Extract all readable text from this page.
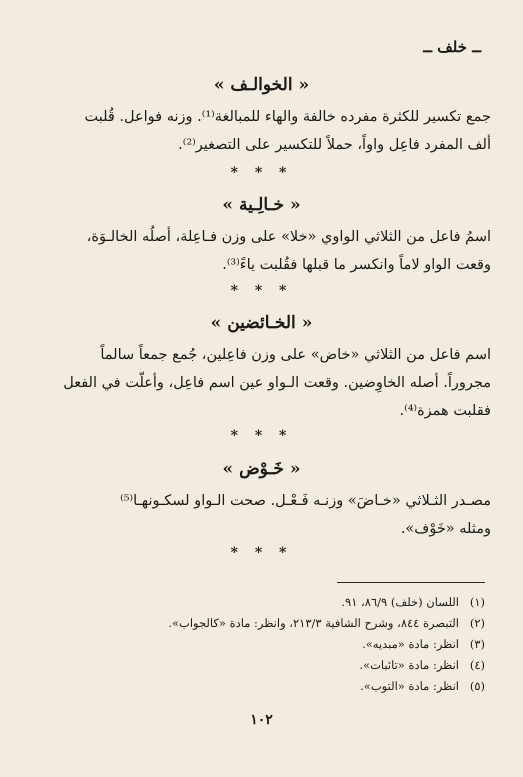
ــ خلف ــ
« الخوالـف »
جمع تكسير للكثرة مفرده خالفة والهاء للمبالغة⁽¹⁾. وزنه فواعل. قُلبت
ألف المفرد فاعِل واواً، حملاً للتكسير على التصغير⁽²⁾.
* * *
« خـالِـية »
اسمُ فاعل من الثلاثي الواوي «خلا» على وزن فـاعِلة، أصلُه الخالـوَة،
وقعت الواو لاماً وانكسر ما قبلها فقُلبت ياءً⁽³⁾.
* * *
« الخـائضين »
اسم فاعل من الثلاثي «خاض» على وزن فاعِلين، جُمع جمعاً سالماً
مجروراً. أصله الخاوِضين. وقعت الـواو عين اسم فاعِل، وأعلّت في الفعل
فقلبت همزة⁽⁴⁾.
* * *
« خَـوْض »
مصـدر الثـلاثي «خـاضَ» وزنـه فَـعْـل. صحت الـواو لسكـونهـا⁽⁵⁾
ومثله «خَوْف».
* * *
(١)
اللسان (خلف) ٨٦/٩، ٩١.
(٢)
التبصرة ٨٤٤، وشرح الشافية ٢١٣/٣، وانظر: مادة «كالجواب».
(٣)
انظر: مادة «مبديه».
(٤)
انظر: مادة «تائبات».
(٥)
انظر: مادة «التوب».
١٠٢
